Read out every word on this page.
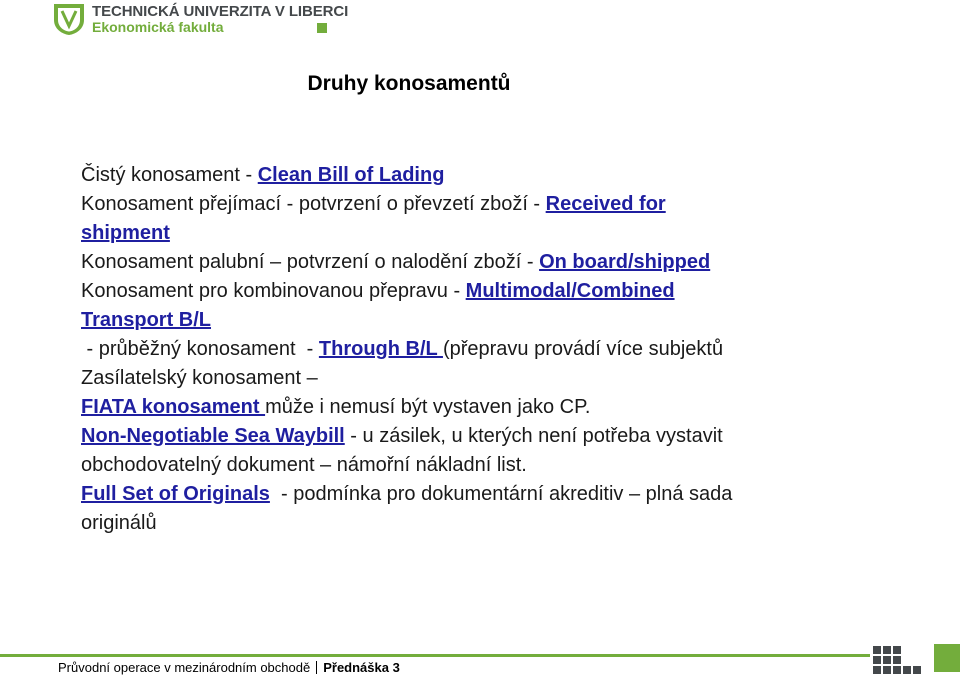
TECHNICKÁ UNIVERZITA V LIBERCI
Ekonomická fakulta
Druhy konosamentů
Čistý konosament - Clean Bill of Lading
Konosament přejímací - potvrzení o převzetí zboží - Received for
shipment
Konosament palubní – potvrzení o nalodění zboží - On board/shipped
Konosament pro kombinovanou přepravu - Multimodal/Combined
Transport B/L
- průběžný konosament  - Through B/L (přepravu provádí více subjektů
Zasílatelský konosament –
FIATA konosament může i nemusí být vystaven jako CP.
Non-Negotiable Sea Waybill - u zásilek, u kterých není potřeba vystavit
obchodovatelný dokument – námořní nákladní list.
Full Set of Originals  - podmínka pro dokumentární akreditiv – plná sada
originálů
Průvodní operace v mezinárodním obchodě Přednáška 3
